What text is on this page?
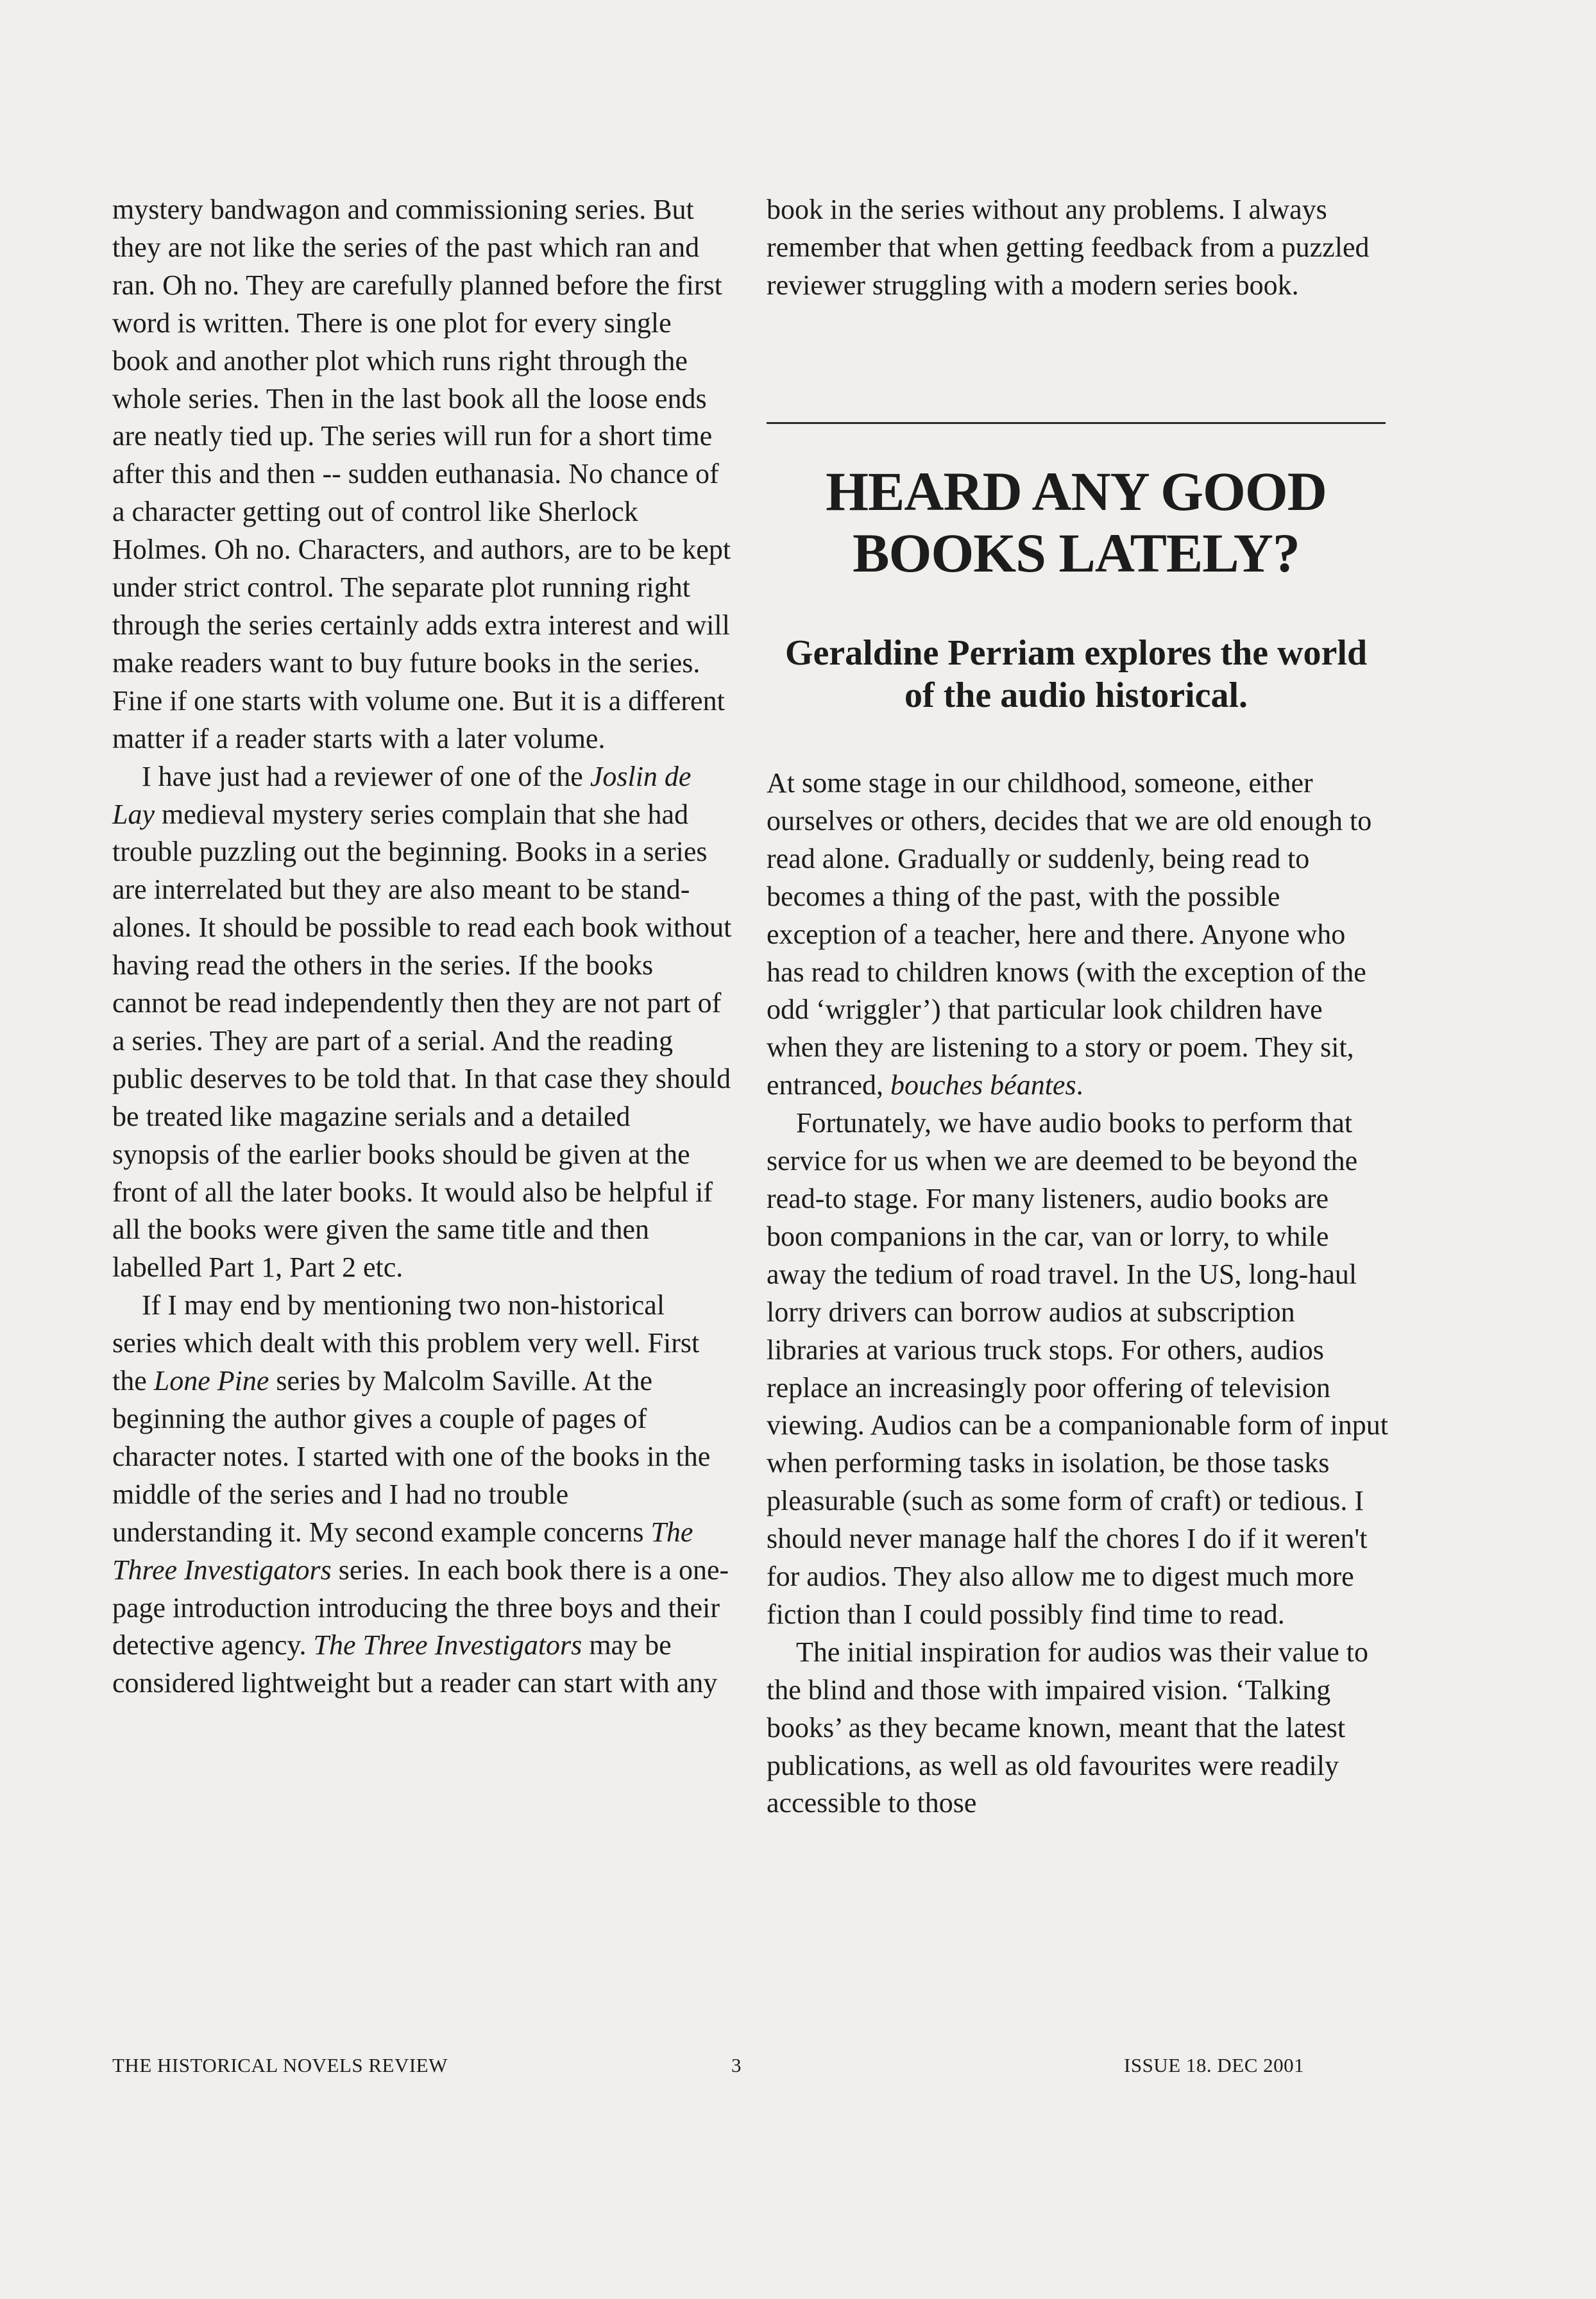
mystery bandwagon and commissioning series. But they are not like the series of the past which ran and ran. Oh no. They are carefully planned before the first word is written. There is one plot for every single book and another plot which runs right through the whole series. Then in the last book all the loose ends are neatly tied up. The series will run for a short time after this and then -- sudden euthanasia. No chance of a character getting out of control like Sherlock Holmes. Oh no. Characters, and authors, are to be kept under strict control. The separate plot running right through the series certainly adds extra interest and will make readers want to buy future books in the series. Fine if one starts with volume one. But it is a different matter if a reader starts with a later volume.

I have just had a reviewer of one of the Joslin de Lay medieval mystery series complain that she had trouble puzzling out the beginning. Books in a series are interrelated but they are also meant to be stand-alones. It should be possible to read each book without having read the others in the series. If the books cannot be read independently then they are not part of a series. They are part of a serial. And the reading public deserves to be told that. In that case they should be treated like magazine serials and a detailed synopsis of the earlier books should be given at the front of all the later books. It would also be helpful if all the books were given the same title and then labelled Part 1, Part 2 etc.

If I may end by mentioning two non-historical series which dealt with this problem very well. First the Lone Pine series by Malcolm Saville. At the beginning the author gives a couple of pages of character notes. I started with one of the books in the middle of the series and I had no trouble understanding it. My second example concerns The Three Investigators series. In each book there is a one-page introduction introducing the three boys and their detective agency. The Three Investigators may be considered lightweight but a reader can start with any

book in the series without any problems. I always remember that when getting feedback from a puzzled reviewer struggling with a modern series book.

HEARD ANY GOOD BOOKS LATELY?
Geraldine Perriam explores the world of the audio historical.

At some stage in our childhood, someone, either ourselves or others, decides that we are old enough to read alone. Gradually or suddenly, being read to becomes a thing of the past, with the possible exception of a teacher, here and there. Anyone who has read to children knows (with the exception of the odd ‘wriggler’) that particular look children have when they are listening to a story or poem. They sit, entranced, bouches béantes.

Fortunately, we have audio books to perform that service for us when we are deemed to be beyond the read-to stage. For many listeners, audio books are boon companions in the car, van or lorry, to while away the tedium of road travel. In the US, long-haul lorry drivers can borrow audios at subscription libraries at various truck stops. For others, audios replace an increasingly poor offering of television viewing. Audios can be a companionable form of input when performing tasks in isolation, be those tasks pleasurable (such as some form of craft) or tedious. I should never manage half the chores I do if it weren't for audios. They also allow me to digest much more fiction than I could possibly find time to read.

The initial inspiration for audios was their value to the blind and those with impaired vision. ‘Talking books’ as they became known, meant that the latest publications, as well as old favourites were readily accessible to those

THE HISTORICAL NOVELS REVIEW	3	ISSUE 18. DEC 2001
